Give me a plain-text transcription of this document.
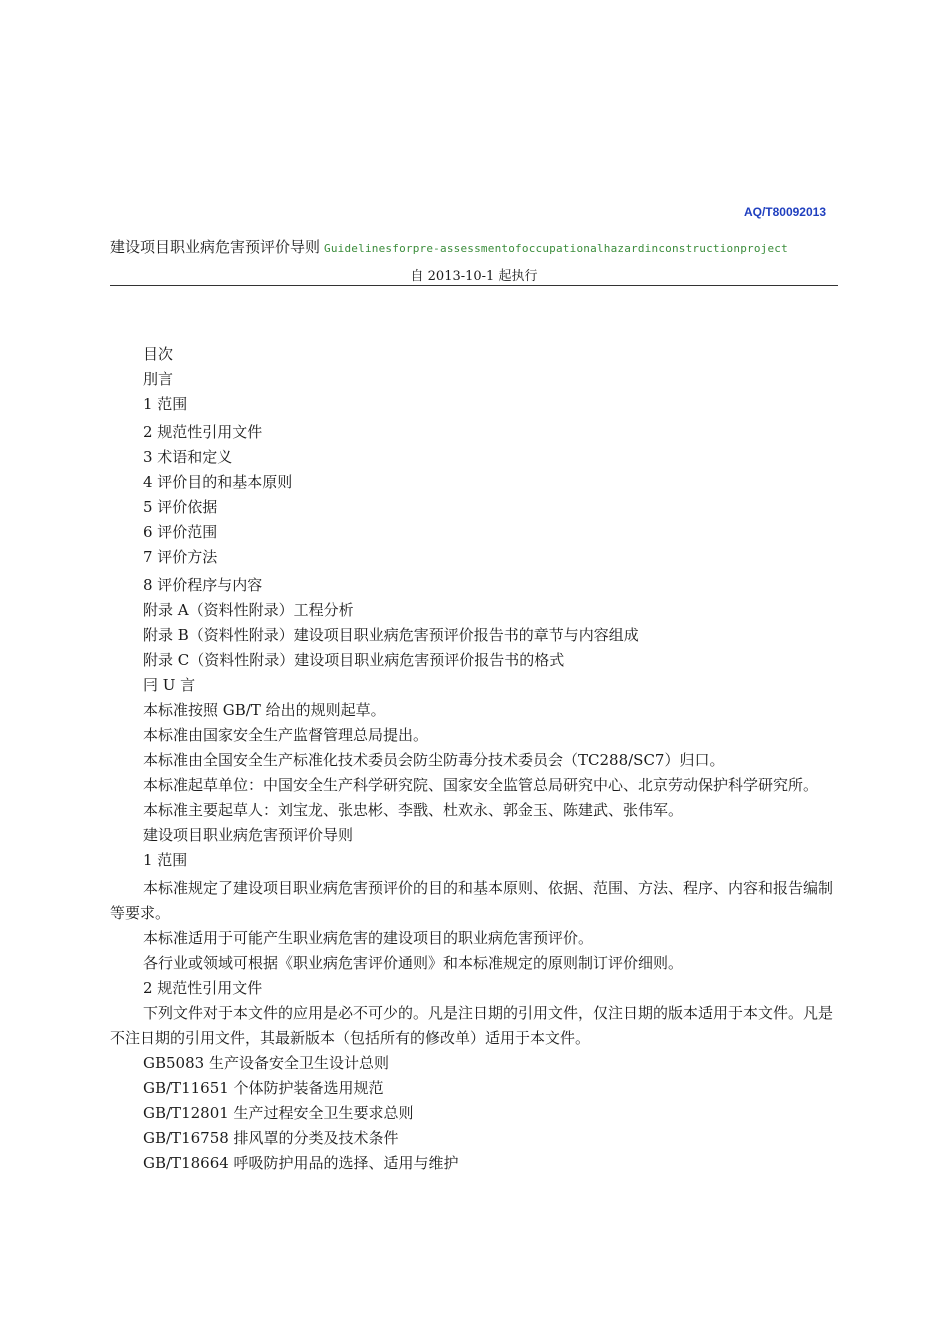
AQ/T80092013
建设项目职业病危害预评价导则 Guidelinesforpre-assessmentofoccupationalhazardinconstructionproject
自 2013-10-1 起执行

目次

刖言

1 范围

2 规范性引用文件

3 术语和定义

4 评价目的和基本原则

5 评价依据

6 评价范围

7 评价方法

8 评价程序与内容

附录 A（资料性附录）工程分析

附录 B（资料性附录）建设项目职业病危害预评价报告书的章节与内容组成

附录 C（资料性附录）建设项目职业病危害预评价报告书的格式

冃 U 言

本标准按照 GB/T 给出的规则起草。

本标准由国家安全生产监督管理总局提出。

本标准由全国安全生产标准化技术委员会防尘防毒分技术委员会（TC288/SC7）归口。

本标准起草单位：中国安全生产科学研究院、国家安全监管总局研究中心、北京劳动保护科学研究所。

本标准主要起草人：刘宝龙、张忠彬、李戬、杜欢永、郭金玉、陈建武、张伟军。

建设项目职业病危害预评价导则

1 范围

本标准规定了建设项目职业病危害预评价的目的和基本原则、依据、范围、方法、程序、内容和报告编制等要求。

本标准适用于可能产生职业病危害的建设项目的职业病危害预评价。

各行业或领域可根据《职业病危害评价通则》和本标准规定的原则制订评价细则。

2 规范性引用文件

下列文件对于本文件的应用是必不可少的。凡是注日期的引用文件，仅注日期的版本适用于本文件。凡是不注日期的引用文件，其最新版本（包括所有的修改单）适用于本文件。

GB5083 生产设备安全卫生设计总则

GB/T11651 个体防护装备选用规范

GB/T12801 生产过程安全卫生要求总则

GB/T16758 排风罩的分类及技术条件

GB/T18664 呼吸防护用品的选择、适用与维护
